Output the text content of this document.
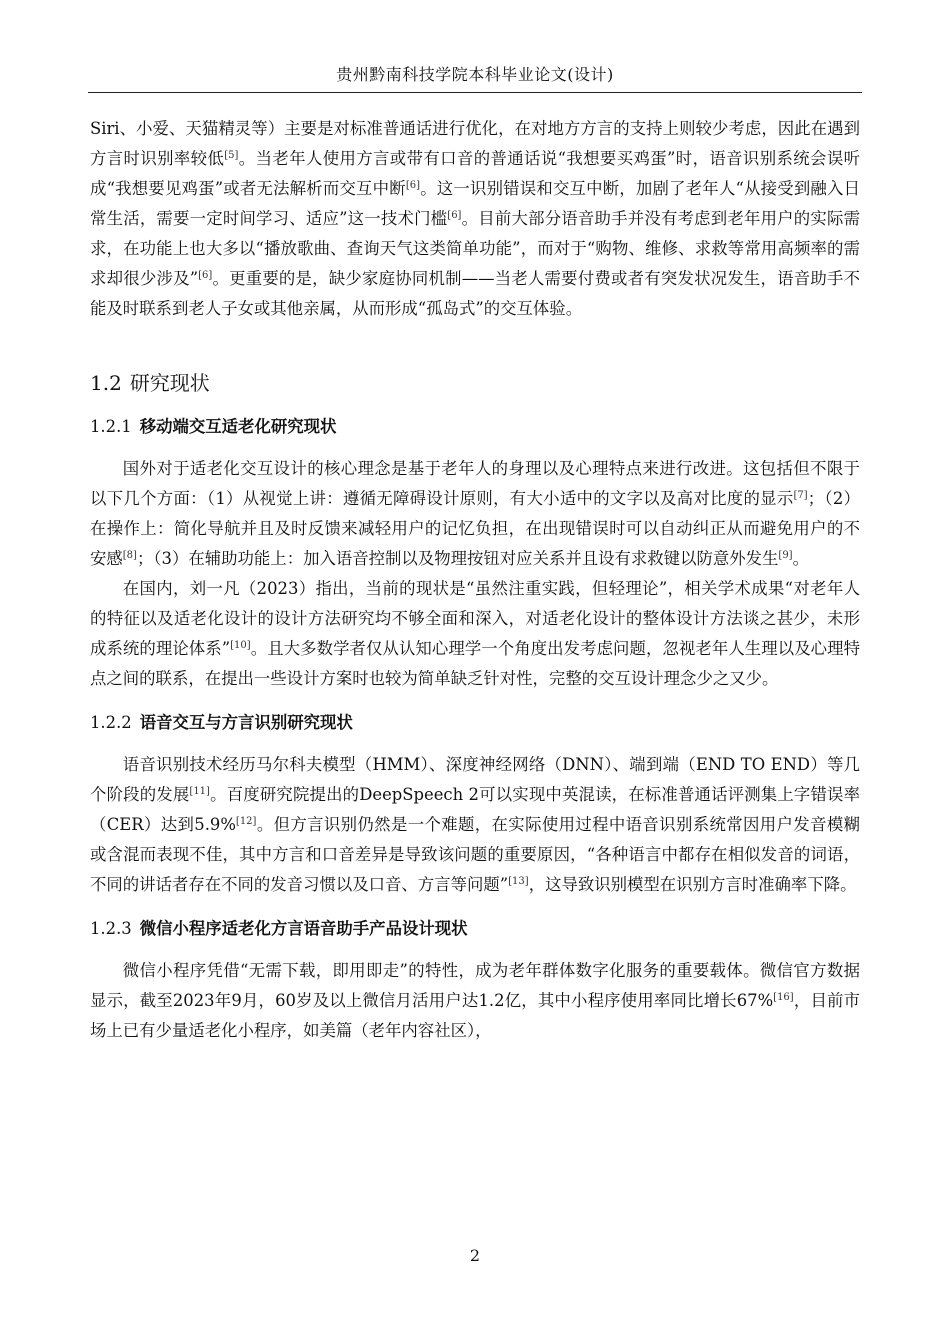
贵州黔南科技学院本科毕业论文(设计)

Siri、小爱、天猫精灵等）主要是对标准普通话进行优化，在对地方方言的支持上则较少考虑，因此在遇到方言时识别率较低[5]。当老年人使用方言或带有口音的普通话说“我想要买鸡蛋”时，语音识别系统会误听成“我想要见鸡蛋”或者无法解析而交互中断[6]。这一识别错误和交互中断，加剧了老年人“从接受到融入日常生活，需要一定时间学习、适应”这一技术门槛[6]。目前大部分语音助手并没有考虑到老年用户的实际需求，在功能上也大多以“播放歌曲、查询天气这类简单功能”，而对于“购物、维修、求救等常用高频率的需求却很少涉及”[6]。更重要的是，缺少家庭协同机制——当老人需要付费或者有突发状况发生，语音助手不能及时联系到老人子女或其他亲属，从而形成“孤岛式”的交互体验。

1.2 研究现状
1.2.1 移动端交互适老化研究现状

国外对于适老化交互设计的核心理念是基于老年人的身理以及心理特点来进行改进。这包括但不限于以下几个方面：（1）从视觉上讲：遵循无障碍设计原则，有大小适中的文字以及高对比度的显示[7]；（2）在操作上：简化导航并且及时反馈来减轻用户的记忆负担，在出现错误时可以自动纠正从而避免用户的不安感[8]；（3）在辅助功能上：加入语音控制以及物理按钮对应关系并且设有求救键以防意外发生[9]。

在国内，刘一凡（2023）指出，当前的现状是“虽然注重实践，但轻理论”，相关学术成果“对老年人的特征以及适老化设计的设计方法研究均不够全面和深入，对适老化设计的整体设计方法谈之甚少，未形成系统的理论体系”[10]。且大多数学者仅从认知心理学一个角度出发考虑问题，忽视老年人生理以及心理特点之间的联系，在提出一些设计方案时也较为简单缺乏针对性，完整的交互设计理念少之又少。

1.2.2 语音交互与方言识别研究现状

语音识别技术经历马尔科夫模型（HMM）、深度神经网络（DNN）、端到端（END TO END）等几个阶段的发展[11]。百度研究院提出的DeepSpeech 2可以实现中英混读，在标准普通话评测集上字错误率（CER）达到5.9%[12]。但方言识别仍然是一个难题，在实际使用过程中语音识别系统常因用户发音模糊或含混而表现不佳，其中方言和口音差异是导致该问题的重要原因，“各种语言中都存在相似发音的词语，不同的讲话者存在不同的发音习惯以及口音、方言等问题”[13]，这导致识别模型在识别方言时准确率下降。

1.2.3 微信小程序适老化方言语音助手产品设计现状

微信小程序凭借“无需下载，即用即走”的特性，成为老年群体数字化服务的重要载体。微信官方数据显示，截至2023年9月，60岁及以上微信月活用户达1.2亿，其中小程序使用率同比增长67%[16]，目前市场上已有少量适老化小程序，如美篇（老年内容社区），

2
